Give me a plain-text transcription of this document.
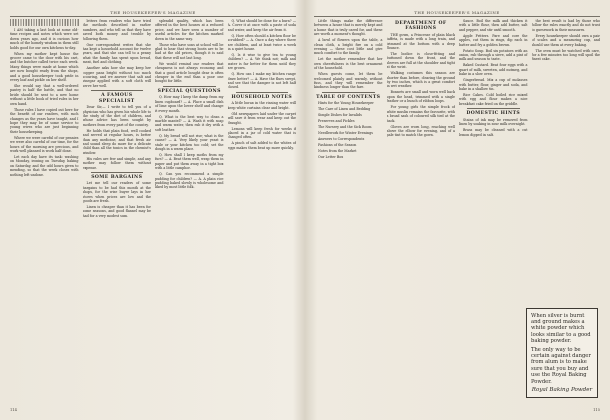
THE HOUSEKEEPER'S MAGAZINE

I AM taking a last look at some old-time recipes and notes which were set down years ago, and it is curious how much of the homely wisdom in them still holds good for our own kitchens to-day.

When my mother kept house the grocer came to the door with his cart, and the butcher called twice each week. Many things were made at home which are now bought ready from the shops, and a good housekeeper took pride in every loaf and pickle on her shelf.

She would say that a well-ordered pantry is half the battle, and that no bride should be sent to a new home without a little book of tried rules in her own hand.

Those rules I have copied out here for the benefit of our readers, with such changes as the years have taught, and I hope they may be of some service to young wives who are just beginning their housekeeping.

Where we were careful of our pennies we were also careful of our time, for the hours of the morning are precious, and work well planned is work half done.

Let each day have its task: washing on Monday, ironing on Tuesday, baking on Saturday, and the odd hours given to mending, so that the week closes with nothing left undone.

letters from readers who have tried the methods described in earlier numbers, and who tell us that they have saved both money and trouble by following them.

One correspondent writes that she has kept a household account for twelve years, and that she can tell to a penny what the family has spent upon bread, meat, fuel and clothing.

Another asks how she may keep her copper pans bright without too much scouring, and we answer that salt and vinegar applied with a soft cloth will serve her well.

A FAMOUS SPECIALIST

Dear Sir,— I write to tell you of a physician who has given his whole life to the study of the diet of children, and whose advice has been sought by mothers from every part of the country.

He holds that plain food, well cooked and served at regular hours, is better than any medicine, and that fresh air and sound sleep do more for a delicate child than all the tonics in the chemist's window.

His rules are few and simple, and any mother may follow them without expense.

SOME BARGAINS

Let me tell our readers of some bargains to be had this month at the shops, for the wise buyer lays in her stores when prices are low and the goods are fresh.

Linen is cheaper than it has been for some seasons, and good flannel may be had for a very modest sum.

splendid quality, which has been offered in the best houses at a reduced price, and we have seen a number of useful articles for the kitchen marked down in the same way.

Those who have sons at school will be glad to hear that strong boots are to be had at the old prices, though it is said that these will not last long.

We would remind our readers that cheapness is not always economy, and that a good article bought dear is often cheaper in the end than a poor one bought for little.

SPECIAL QUESTIONS

Q. How may I keep the damp from my linen cupboard? — A. Place a small dish of lime upon the lower shelf and change it every month.

Q. What is the best way to clean a marble mantel? — A. Wash it with soap and warm water, then rub it dry with a soft leather.

Q. My bread will not rise; what is the cause? — A. Very likely your yeast is stale or your kitchen too cold; set the dough in a warm place.

Q. How shall I keep moths from my furs? — A. Beat them well, wrap them in paper and put them away in a tight box with a little camphor.

Q. Can you recommend a simple pudding for children? — A. A plain rice pudding baked slowly is wholesome and liked by most little folk.

Q. What should be done for a burn? — A. Cover it at once with a paste of soda and water, and keep the air from it.

Q. How often should a kitchen floor be scrubbed? — A. Once a day where there are children, and at least twice a week in a quiet house.

Q. Is it wise to give tea to young children? — A. We think not; milk and water is far better for them until they are grown.

Q. How can I make my kitchen range draw better? — A. Have the flues swept, and see that the damper is not left half closed.

HOUSEHOLD NOTES

A little borax in the rinsing water will keep white curtains clear and bright.

Old newspapers laid under the carpet will save it from wear and keep out the draught.

Lemons will keep fresh for weeks if placed in a jar of cold water that is changed often.

A pinch of salt added to the whites of eggs makes them beat up more quickly.

114
THE HOUSEKEEPER'S MAGAZINE

Little things make the difference between a house that is merely kept and a home that is truly cared for, and these are worth a moment's thought.

A bowl of flowers upon the table, a clean cloth, a bright fire on a cold evening — these cost little and give much comfort to the family.

Let the mother remember that her own cheerfulness is the best ornament of the household.

When guests come, let them be welcomed plainly and warmly, without fuss, and they will remember the kindness longer than the fare.

TABLE OF CONTENTS

Hints for the Young Housekeeper

The Care of Linen and Bedding

Simple Dishes for Invalids

Preserves and Pickles

The Nursery and the Sick Room

Needlework for Winter Evenings

Answers to Correspondents

Fashions of the Season

Notes from the Market

Our Letter Box

DEPARTMENT OF FASHIONS

THE gown, a Princesse of plain black taffeta, is made with a long train, and trimmed at the bottom with a deep flounce.

The bodice is close-fitting and buttoned down the front, and the sleeves are full at the shoulder and tight at the wrist.

Walking costumes this season are shorter than before, clearing the ground by two inches, which is a great comfort in wet weather.

Bonnets are small and worn well back upon the head, trimmed with a single feather or a bunch of ribbon loops.

For young girls the simple frock of white muslin remains the favourite, with a broad sash of coloured silk tied at the back.

Gloves are worn long, reaching well above the elbow for evening, and of a pale tint to match the gown.

Sauce. Boil the milk and thicken it with a little flour, then add butter, salt and pepper, and stir until smooth.

Apple Fritters. Pare and core the apples, cut them in rings, dip each in batter and fry a golden brown.

Potato Soup. Boil six potatoes with an onion, rub through a sieve, add a pint of milk and season to taste.

Baked Custard. Beat four eggs with a quart of milk, sweeten, add nutmeg, and bake in a slow oven.

Gingerbread. Mix a cup of molasses with butter, flour, ginger and soda, and bake in a shallow tin.

Rice Cakes. Cold boiled rice mixed with egg and flour makes a nice breakfast cake fried on the griddle.

DOMESTIC HINTS

Stains of ink may be removed from linen by soaking in sour milk overnight.

Brass may be cleaned with a cut lemon dipped in salt.

the best result is had by those who follow the rules exactly and do not trust to guesswork in their measures.

Every housekeeper should own a pair of scales and a measuring cup, and should use them at every baking.

The oven must be watched with care, for a few minutes too long will spoil the finest cake.

When silver is burnt and ground makes a white powder which looks similar to a good baking powder.

The only way to be certain against danger from alum is to make sure that you buy and use the Royal Baking Powder.

Royal Baking Powder
115
